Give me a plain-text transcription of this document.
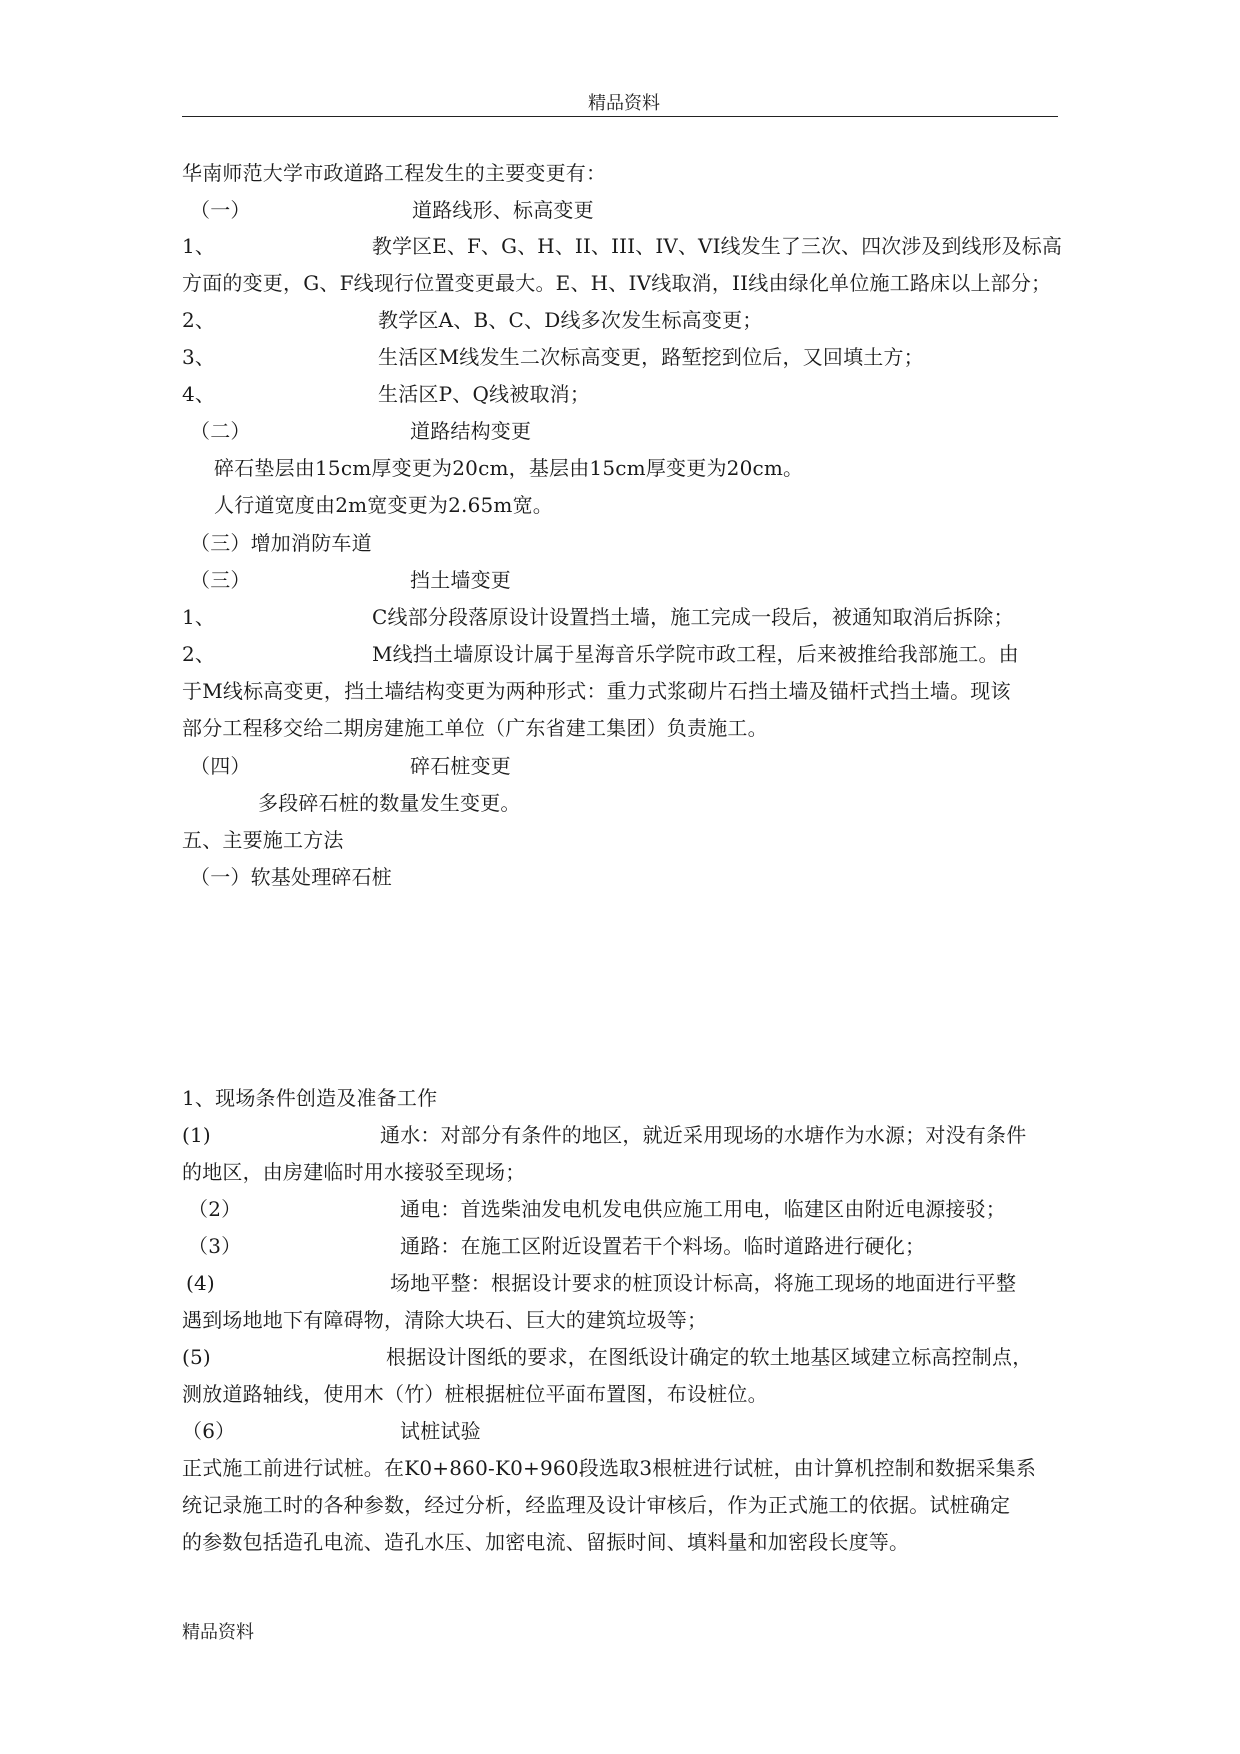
精品资料
华南师范大学市政道路工程发生的主要变更有：
（一）	道路线形、标高变更
1、	教学区E、F、G、H、II、III、IV、VI线发生了三次、四次涉及到线形及标高
方面的变更，G、F线现行位置变更最大。E、H、IV线取消，II线由绿化单位施工路床以上部分；
2、	教学区A、B、C、D线多次发生标高变更；
3、	生活区M线发生二次标高变更，路堑挖到位后，又回填土方；
4、	生活区P、Q线被取消；
（二）	道路结构变更
碎石垫层由15cm厚变更为20cm，基层由15cm厚变更为20cm。
人行道宽度由2m宽变更为2.65m宽。
（三）增加消防车道
（三）	挡土墙变更
1、	C线部分段落原设计设置挡土墙，施工完成一段后，被通知取消后拆除；
2、	M线挡土墙原设计属于星海音乐学院市政工程，后来被推给我部施工。由
于M线标高变更，挡土墙结构变更为两种形式：重力式浆砌片石挡土墙及锚杆式挡土墙。现该
部分工程移交给二期房建施工单位（广东省建工集团）负责施工。
（四）	碎石桩变更
多段碎石桩的数量发生变更。
五、主要施工方法
（一）软基处理碎石桩
1、现场条件创造及准备工作
(1)	通水：对部分有条件的地区，就近采用现场的水塘作为水源；对没有条件
的地区，由房建临时用水接驳至现场；
（2）	通电：首选柴油发电机发电供应施工用电，临建区由附近电源接驳；
（3）	通路：在施工区附近设置若干个料场。临时道路进行硬化；
(4)	场地平整：根据设计要求的桩顶设计标高，将施工现场的地面进行平整
遇到场地地下有障碍物，清除大块石、巨大的建筑垃圾等；
(5)	根据设计图纸的要求，在图纸设计确定的软土地基区域建立标高控制点，
测放道路轴线，使用木（竹）桩根据桩位平面布置图，布设桩位。
（6）	试桩试验
正式施工前进行试桩。在K0+860-K0+960段选取3根桩进行试桩，由计算机控制和数据采集系
统记录施工时的各种参数，经过分析，经监理及设计审核后，作为正式施工的依据。试桩确定
的参数包括造孔电流、造孔水压、加密电流、留振时间、填料量和加密段长度等。
精品资料
